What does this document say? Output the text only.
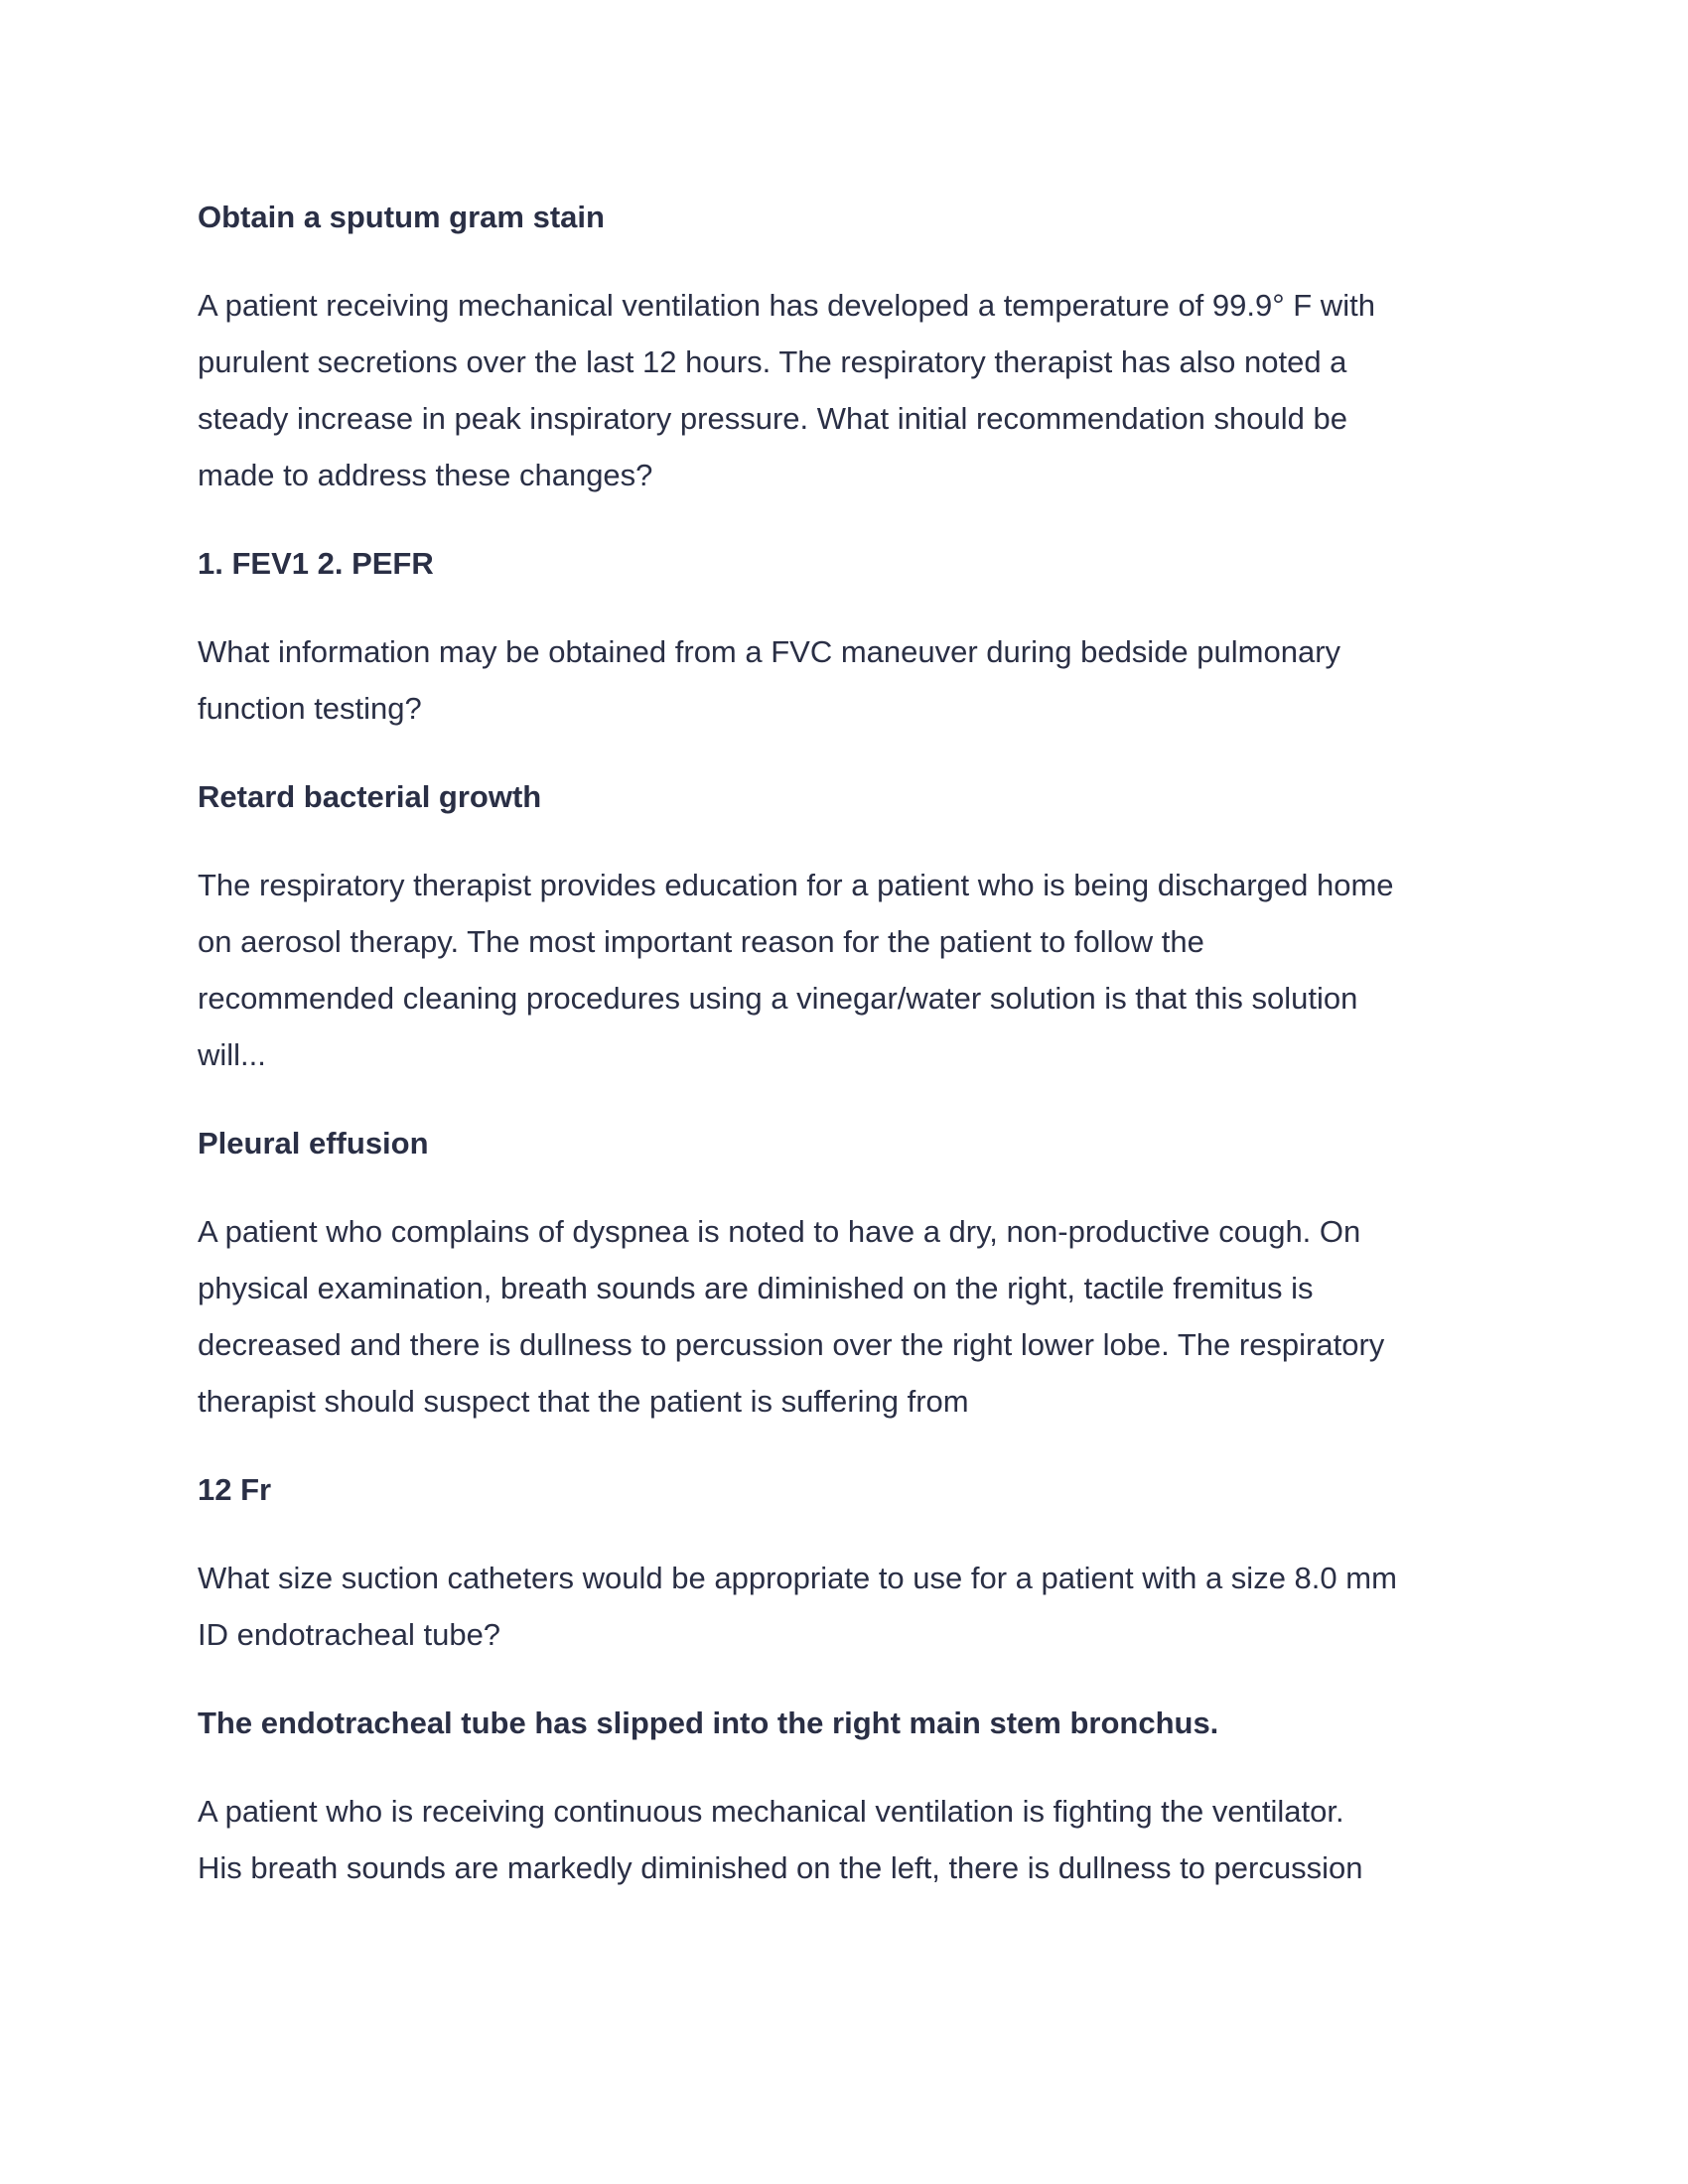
Obtain a sputum gram stain

A patient receiving mechanical ventilation has developed a temperature of 99.9° F with
purulent secretions over the last 12 hours. The respiratory therapist has also noted a
steady increase in peak inspiratory pressure. What initial recommendation should be
made to address these changes?

1. FEV1 2. PEFR

What information may be obtained from a FVC maneuver during bedside pulmonary
function testing?

Retard bacterial growth

The respiratory therapist provides education for a patient who is being discharged home
on aerosol therapy. The most important reason for the patient to follow the
recommended cleaning procedures using a vinegar/water solution is that this solution
will...

Pleural effusion

A patient who complains of dyspnea is noted to have a dry, non-productive cough. On
physical examination, breath sounds are diminished on the right, tactile fremitus is
decreased and there is dullness to percussion over the right lower lobe. The respiratory
therapist should suspect that the patient is suffering from

12 Fr

What size suction catheters would be appropriate to use for a patient with a size 8.0 mm
ID endotracheal tube?

The endotracheal tube has slipped into the right main stem bronchus.

A patient who is receiving continuous mechanical ventilation is fighting the ventilator.
His breath sounds are markedly diminished on the left, there is dullness to percussion
